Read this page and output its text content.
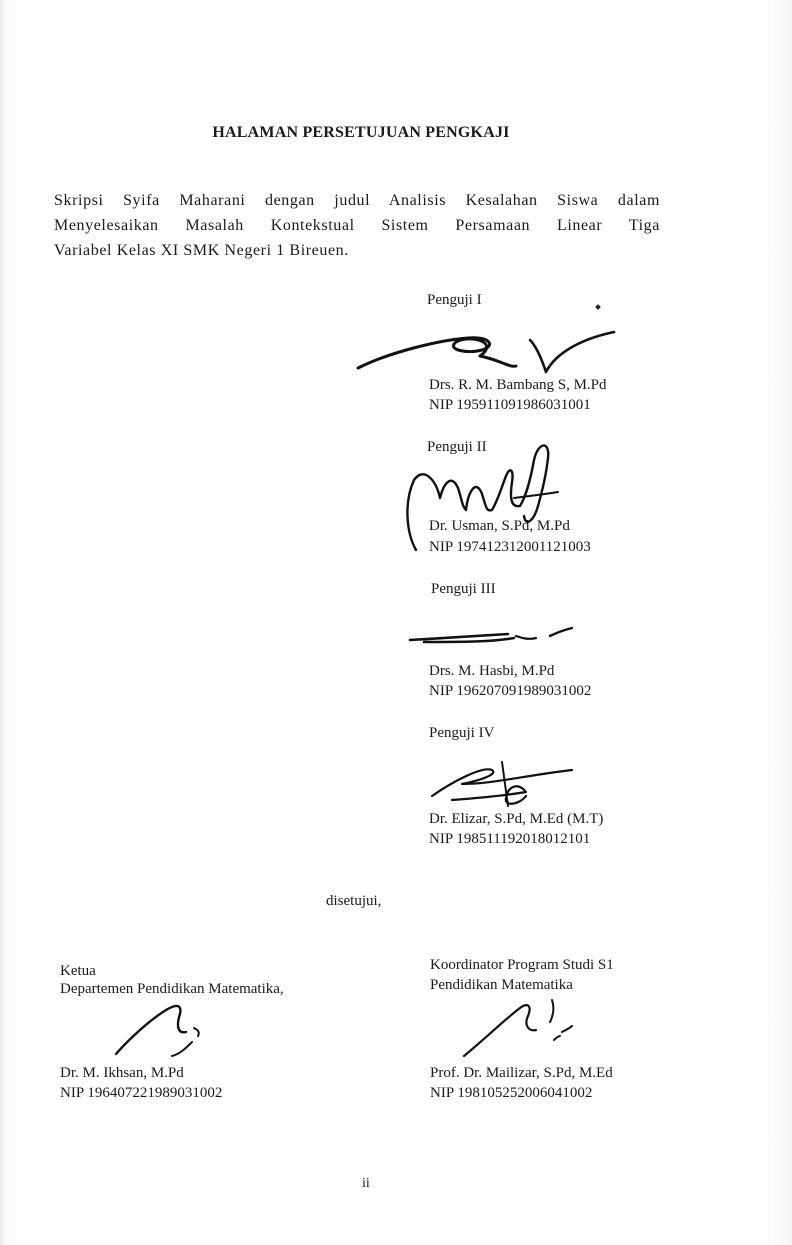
HALAMAN PERSETUJUAN PENGKAJI
Skripsi Syifa Maharani dengan judul Analisis Kesalahan Siswa dalam
Menyelesaikan Masalah Kontekstual Sistem Persamaan Linear Tiga
Variabel Kelas XI SMK Negeri 1 Bireuen.
Penguji I
Drs. R. M. Bambang S, M.Pd
NIP 195911091986031001
Penguji II
Dr. Usman, S.Pd, M.Pd
NIP 197412312001121003
Penguji III
Drs. M. Hasbi, M.Pd
NIP 196207091989031002
Penguji IV
Dr. Elizar, S.Pd, M.Ed (M.T)
NIP 198511192018012101
disetujui,
Ketua
Departemen Pendidikan Matematika,
Dr. M. Ikhsan, M.Pd
NIP 196407221989031002
Koordinator Program Studi S1
Pendidikan Matematika
Prof. Dr. Mailizar, S.Pd, M.Ed
NIP 198105252006041002
ii
